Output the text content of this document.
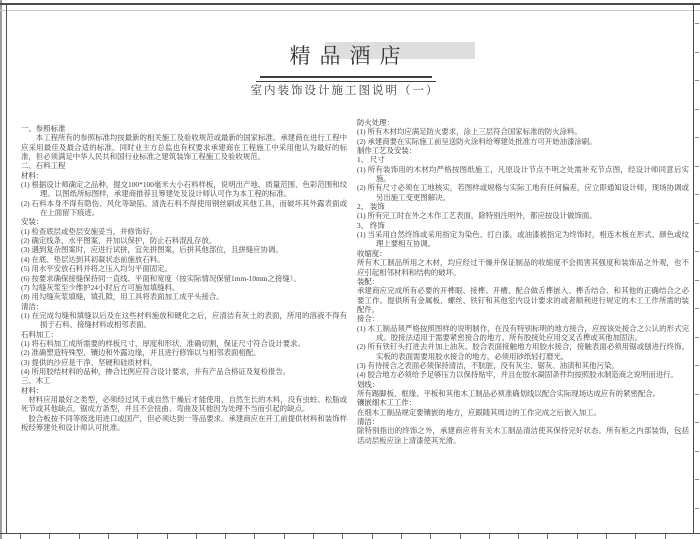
精品酒店
室内装饰设计施工图说明（一）
一、参照标准
本工程所有的参照标准均按最新的相关施工及验收规范或最新的国家标准。承建商在进行工程中应采用最佳及最合适的标准。同时业主方总监也有权要求承建商在工程施工中采用他认为最好的标准，但必须满足中华人民共和国行业标准之建筑装饰工程施工及验收规范。
二、石料工程
材料：
(1) 根据设计师确定之品种，提交100*100毫米大小石料样板，说明出产地、质量范围、色彩范围和纹理。以图纸所标图样，承建商推荐且筹建处及设计师认可作为本工程的标准。
(2) 石料本身不得有隐伤、风化等缺陷。清洗石料不得使用钢丝刷或其他工具，而破坏其外露表面或在上面留下痕迹。
安装：
(1) 检查底层或垫层安施妥当，并修饰好。
(2) 确定线条，水平图案，并加以保护，防止石料混乱存放。
(3) 遇到复杂图案时，应进行试拼，宜先拼图案，后拼其他部位，且拼缝应协调。
(4) 在底、垫层达到其初凝状态前施放石料。
(5) 用水平安放石料并将之压入均匀平面固定。
(6) 按要求确保接缝保持同一直线、平面和宽度（按实际情况保留1mm-10mm之接缝）。
(7) 勾缝灰浆至少维护24小时后方可施加填缝料。
(8) 用勾缝灰浆填缝，填孔隙，用工具将表面加工成平头接合。
清洁：
(1) 在完成勾缝和填缝以后及在这些材料施放和硬化之后，应清洁有灰土的表面，所用的溶液不得有损于石料、接缝材料或相邻表面。
石料加工：
(1) 将石料加工成所需要的样板尺寸、厚度和形状、准确切割，保证尺寸符合设计要求。
(2) 准确塑造特殊型、镶边和外露边缘，并且进行修饰以与相邻表面相配。
(3) 提供的沙应是干净、坚硬和硅质材料。
(4) 所用胶结材料的品种，掺合比例应符合设计要求，并有产品合格证及复检报告。
三、木工
材料：
材料应用最好之类型，必须经过风干或自然干燥后才能使用，自然生长的木料，没有虫蛀、松脂或死节或其他缺点，锯成方条型，并且不会扭曲、弯曲及其他因为处理不当而引起的缺点。
胶合板按不同等级选用进口或国产，但必须达到一等品要求。承建商应在开工前提供材料和装饰样板经筹建处和设计师认可批准。
防火处理：
(1) 所有木材均应满足防火要求，涂上三层符合国家标准的防火涂料。
(2) 承建商要在实际施工前呈送防火涂料给筹建处批准方可开始油漆涂刷。
制作工艺及安装：
1、 尺寸
(1) 所有装饰用的木材均严格按图纸施工，凡原设计节点不明之处需补充节点图，经设计师同意后实施。
(2) 所有尺寸必须在工地核实，若图样或规格与实际工地有任何偏差，应立即通知设计师，现场协调或另出施工变更图解决。
2、 装饰
(1) 所有完工时在外之木作工艺表面，除特别注明外，都应按设计做饰面。
3、 终饰
(1) 当采用自然终饰或采用指定为染色、打白漆，或油漆被指定为终饰时，相连木板在形式、颜色或纹理上要相互协调。
收缩度：
所有木工制品所用之木材，均应经过干燥并保证制品的收缩度不会损害其强度和装饰品之外观，也不应引起相邻材料和结构的破坏。
装配：
承建商应完成所有必要的开榫眼、接榫、开槽、配合做舌榫嵌入、榫舌结合、和其他的正确结合之必要工作。提供所有金属板、螺丝、铁钉和其他室内设计要求的或者顺利进行规定的木工工作所需的装配件。
接合：
(1) 木工制品须严格按照图样的说明制作，在没有特别标明的地方接合，应按该处接合之公认的形式完成。胶接法适用于需要紧密接合的地方。所有胶接处应用交叉舌榫或其他加固法。
(2) 所有铁钉头打进去并加上油灰。胶合表面接触地方用胶水接合，接触表面必须用锯或刨进行终饰。实板的表面需要用胶水接合的地方，必须用砂纸轻打磨光。
(3) 有待接合之表面必须保持清洁，不肮脏，没有灰尘、锯灰、油渍和其他污染。
(4) 胶合地方必须给予足够压力以保持贴牢，并且在胶水凝固条件均按照胶水制造商之说明而进行。
划线：
所有踢脚板、框缘、平板和其他木工制品必须准确划线以配合实际现场达成应有的紧密配合。
镶嵌细木工工作：
在细木工制品规定要镶嵌的地方，应跟随其周边的工作完成之后嵌入加工。
清洁：
除特别指出的终饰之外，承建商应将有关木工制品清洁使其保持完好状态。所有柜之内部装饰，包括活动层板应涂上清漆使其光滑。
